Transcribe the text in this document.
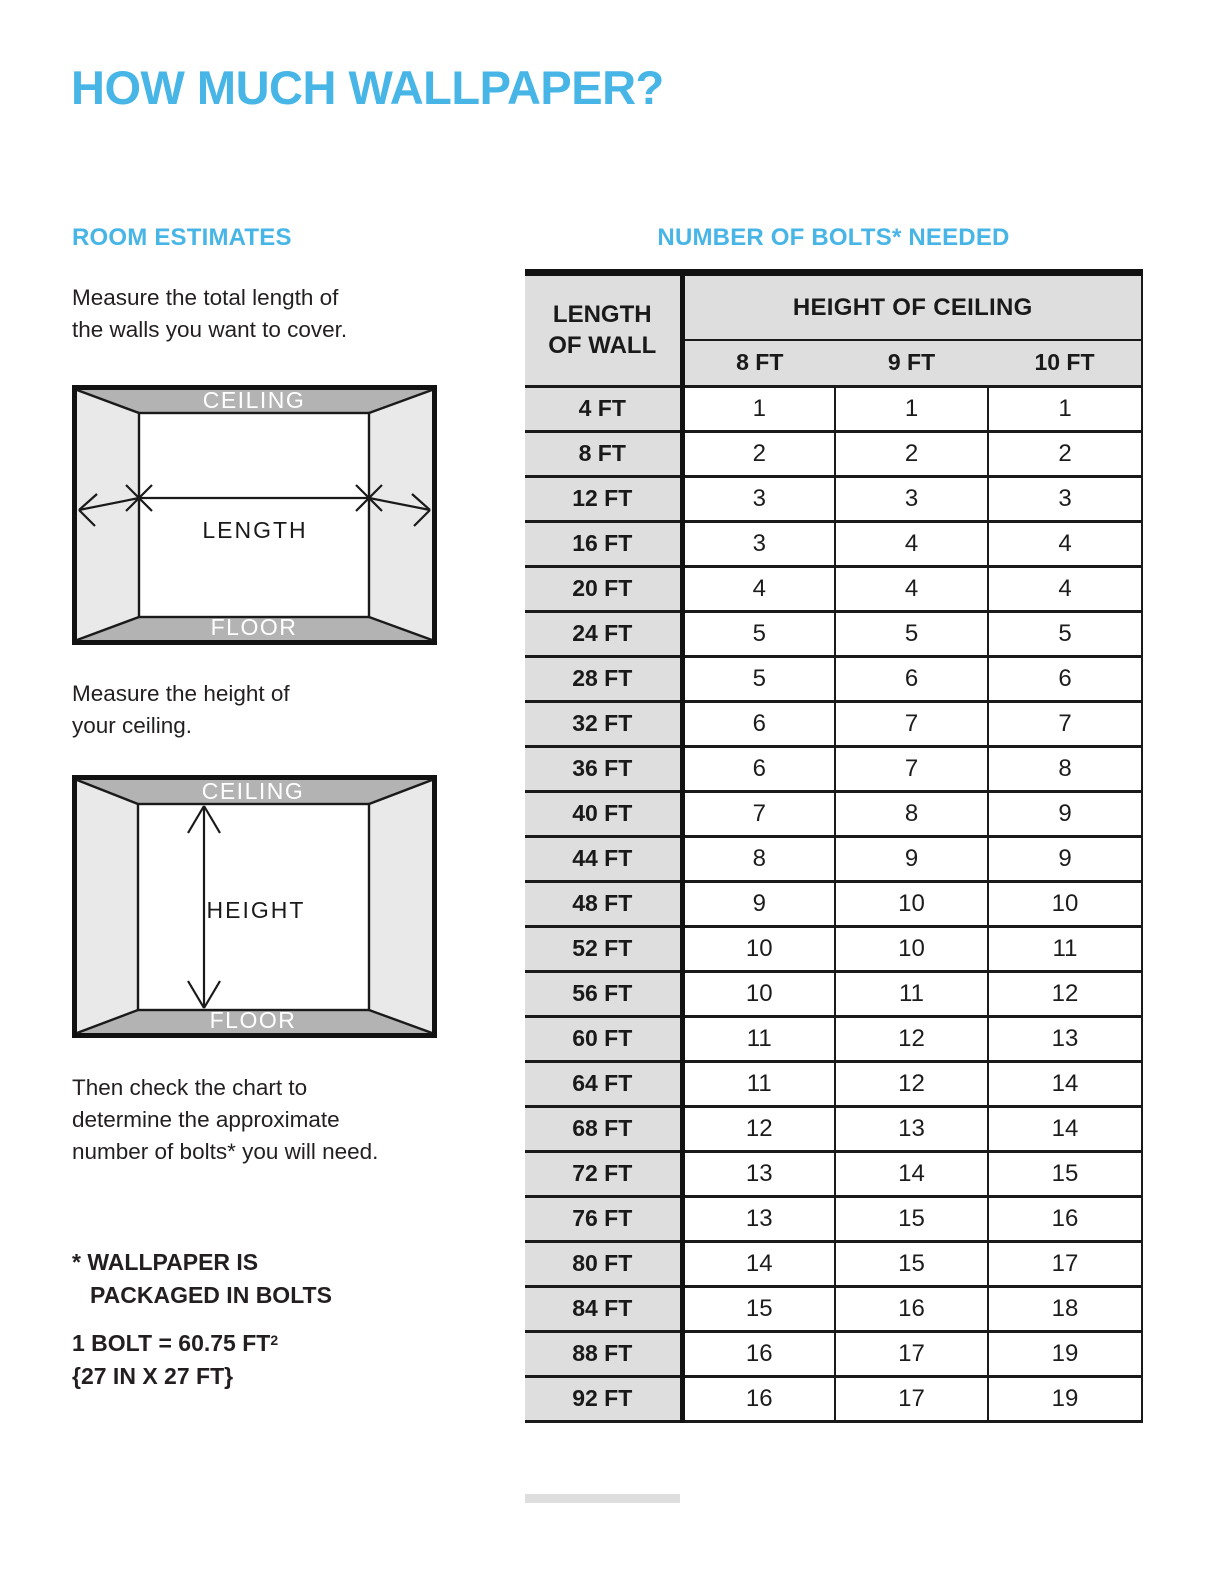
HOW MUCH WALLPAPER?
ROOM ESTIMATES	NUMBER OF BOLTS* NEEDED

Measure the total length of
the walls you want to cover.

CEILING
FLOOR
LENGTH

Measure the height of
your ceiling.

CEILING
FLOOR
HEIGHT

Then check the chart to
determine the approximate
number of bolts* you will need.

* WALLPAPER IS
PACKAGED IN BOLTS

1 BOLT = 60.75 $FT^2$
{27 IN X 27 FT}

LENGTH
OF WALL	HEIGHT OF CEILING		
	8 FT	9 FT	10 FT
4 FT	1	1	1
8 FT	2	2	2
12 FT	3	3	3
16 FT	3	4	4
20 FT	4	4	4
24 FT	5	5	5
28 FT	5	6	6
32 FT	6	7	7
36 FT	6	7	8
40 FT	7	8	9
44 FT	8	9	9
48 FT	9	10	10
52 FT	10	10	11
56 FT	10	11	12
60 FT	11	12	13
64 FT	11	12	14
68 FT	12	13	14
72 FT	13	14	15
76 FT	13	15	16
80 FT	14	15	17
84 FT	15	16	18
88 FT	16	17	19
92 FT	16	17	19
